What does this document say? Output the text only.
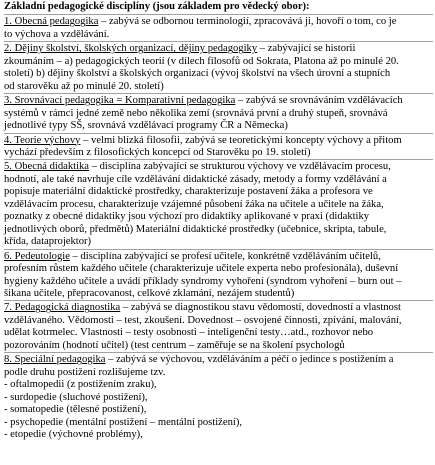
Základní pedagogické disciplíny (jsou základem pro vědecký obor):
1. Obecná pedagogika – zabývá se odbornou terminologií, zpracovává ji, hovoří o tom, co je
to výchova a vzdělávání.
2. Dějiny školství, školských organizací, dějiny pedagogiky – zabývající se historii
zkoumáním – a) pedagogických teorií (v dílech filosofů od Sokrata, Platona až po minulé 20.
století) b) dějiny školství a školských organizací (vývoj školství na všech úrovní a stupních
od starověku až po minulé 20. století)
3. Srovnávací pedagogika = Komparativní pedagogika – zabývá se srovnáváním vzdělávacích
systémů v rámci jedné země nebo několika zemí (srovnává první a druhý stupeň, srovnává
jednotlivé typy SŠ, srovnává vzdělávací programy ČR a Německa)
4. Teorie výchovy – velmi blízká filosofii, zabývá se teoretickými koncepty výchovy a přitom
vychází především z filosofických koncepcí od Starověku po 19. století)
5. Obecná didaktika – disciplína zabývající se strukturou výchovy ve vzdělávacím procesu,
hodnotí, ale také navrhuje cíle vzdělávání didaktické zásady, metody a formy vzdělávání a
popisuje materiální didaktické prostředky, charakterizuje postavení žáka a profesora ve
vzdělávacím procesu, charakterizuje vzájemné působení žáka na učitele a učitele na žáka,
poznatky z obecné didaktiky jsou výchozí pro didaktiky aplikované v praxi (didaktiky
jednotlivých oborů, předmětů) Materiální didaktické prostředky (učebnice, skripta, tabule,
křída, dataprojektor)
6. Pedeutologie – disciplína zabývající se profesí učitele, konkrétně vzděláváním učitelů,
profesním růstem každého učitele (charakterizuje učitele experta nebo profesionála), duševní
hygieny každého učitele a uvádí příklady syndromy vyhoření (syndrom vyhoření – burn out –
šikana učitele, přepracovanost, celkové zklamání, nezájem studentů)
7. Pedagogická diagnostika – zabývá se diagnostikou stavu vědomostí, dovedností a vlastnost
vzdělávaného. Vědomosti – test, zkoušení. Dovednost – osvojené činnosti, zpívání, malování,
udělat kotrmelec. Vlastnosti – testy osobnosti – inteligenční testy…atd., rozhovor nebo
pozorováním (hodnotí učitel) (test centrum – zaměřuje se na školení psychologů
8. Speciální pedagogika – zabývá se výchovou, vzděláváním a péčí o jedince s postižením a
podle druhu postižení rozlišujeme tzv.
- oftalmopedii (z postižením zraku),
- surdopedie (sluchové postižení),
- somatopedie (tělesné postižení),
- psychopedie (mentální postižení – mentální postižení),
- etopedie (výchovné problémy),
